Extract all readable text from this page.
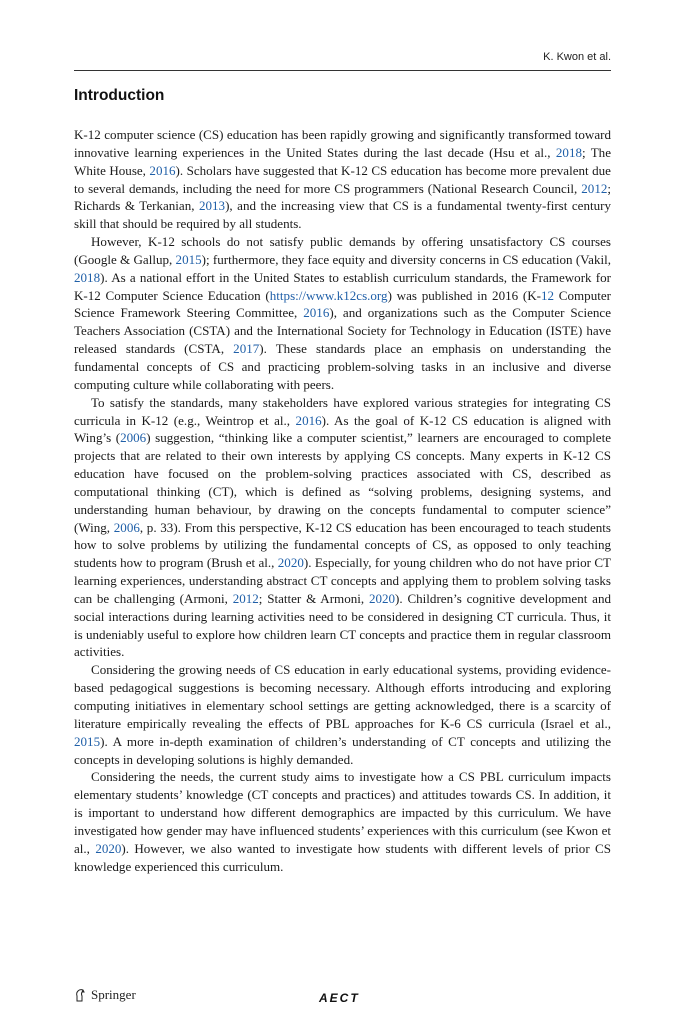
K. Kwon et al.
Introduction

K-12 computer science (CS) education has been rapidly growing and significantly transformed toward innovative learning experiences in the United States during the last decade (Hsu et al., 2018; The White House, 2016). Scholars have suggested that K-12 CS education has become more prevalent due to several demands, including the need for more CS programmers (National Research Council, 2012; Richards & Terkanian, 2013), and the increasing view that CS is a fundamental twenty-first century skill that should be required by all students.

However, K-12 schools do not satisfy public demands by offering unsatisfactory CS courses (Google & Gallup, 2015); furthermore, they face equity and diversity concerns in CS education (Vakil, 2018). As a national effort in the United States to establish curriculum standards, the Framework for K-12 Computer Science Education (https://www.k12cs.org) was published in 2016 (K-12 Computer Science Framework Steering Committee, 2016), and organizations such as the Computer Science Teachers Association (CSTA) and the International Society for Technology in Education (ISTE) have released standards (CSTA, 2017). These standards place an emphasis on understanding the fundamental concepts of CS and practicing problem-solving tasks in an inclusive and diverse computing culture while collaborating with peers.

To satisfy the standards, many stakeholders have explored various strategies for integrating CS curricula in K-12 (e.g., Weintrop et al., 2016). As the goal of K-12 CS education is aligned with Wing’s (2006) suggestion, “thinking like a computer scientist,” learners are encouraged to complete projects that are related to their own interests by applying CS concepts. Many experts in K-12 CS education have focused on the problem-solving practices associated with CS, described as computational thinking (CT), which is defined as “solving problems, designing systems, and understanding human behaviour, by drawing on the concepts fundamental to computer science” (Wing, 2006, p. 33). From this perspective, K-12 CS education has been encouraged to teach students how to solve problems by utilizing the fundamental concepts of CS, as opposed to only teaching students how to program (Brush et al., 2020). Especially, for young children who do not have prior CT learning experiences, understanding abstract CT concepts and applying them to problem solving tasks can be challenging (Armoni, 2012; Statter & Armoni, 2020). Children’s cognitive development and social interactions during learning activities need to be considered in designing CT curricula. Thus, it is undeniably useful to explore how children learn CT concepts and practice them in regular classroom activities.

Considering the growing needs of CS education in early educational systems, providing evidence-based pedagogical suggestions is becoming necessary. Although efforts introducing and exploring computing initiatives in elementary school settings are getting acknowledged, there is a scarcity of literature empirically revealing the effects of PBL approaches for K-6 CS curricula (Israel et al., 2015). A more in-depth examination of children’s understanding of CT concepts and utilizing the concepts in developing solutions is highly demanded.

Considering the needs, the current study aims to investigate how a CS PBL curriculum impacts elementary students’ knowledge (CT concepts and practices) and attitudes towards CS. In addition, it is important to understand how different demographics are impacted by this curriculum. We have investigated how gender may have influenced students’ experiences with this curriculum (see Kwon et al., 2020). However, we also wanted to investigate how students with different levels of prior CS knowledge experienced this curriculum.

Springer	AECT
